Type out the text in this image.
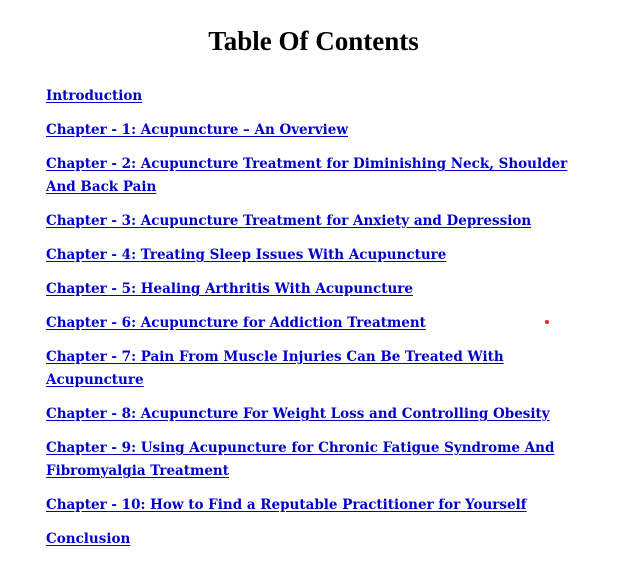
Table Of Contents
Introduction
Chapter - 1: Acupuncture – An Overview
Chapter - 2: Acupuncture Treatment for Diminishing Neck, Shoulder And Back Pain
Chapter - 3: Acupuncture Treatment for Anxiety and Depression
Chapter - 4: Treating Sleep Issues With Acupuncture
Chapter - 5: Healing Arthritis With Acupuncture
Chapter - 6: Acupuncture for Addiction Treatment
Chapter - 7: Pain From Muscle Injuries Can Be Treated With Acupuncture
Chapter - 8: Acupuncture For Weight Loss and Controlling Obesity
Chapter - 9: Using Acupuncture for Chronic Fatigue Syndrome And Fibromyalgia Treatment
Chapter - 10: How to Find a Reputable Practitioner for Yourself
Conclusion
